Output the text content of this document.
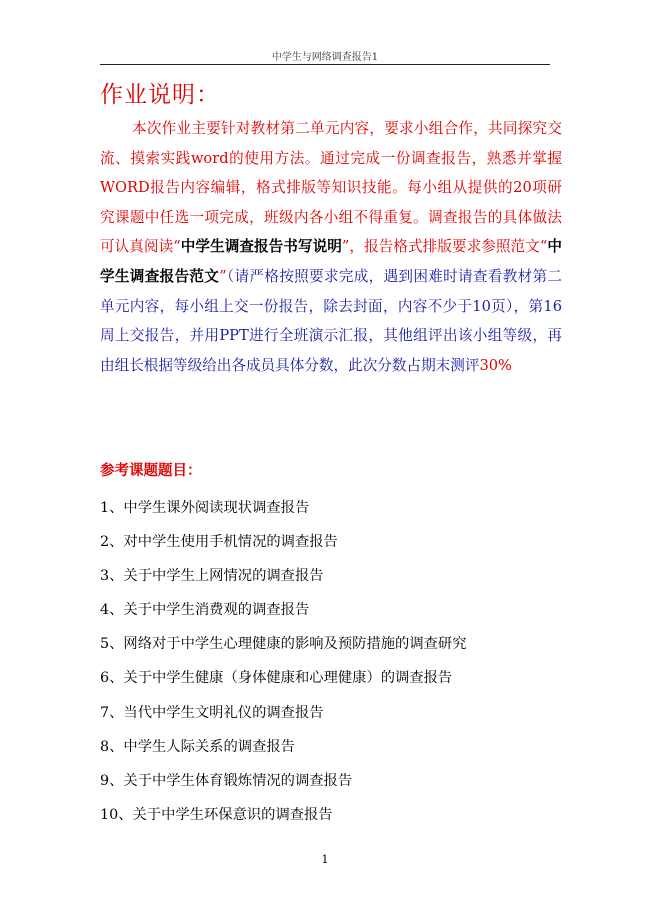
中学生与网络调查报告1
作业说明：

本次作业主要针对教材第二单元内容，要求小组合作，共同探究交流、摸索实践word的使用方法。通过完成一份调查报告，熟悉并掌握WORD报告内容编辑，格式排版等知识技能。每小组从提供的20项研究课题中任选一项完成，班级内各小组不得重复。调查报告的具体做法可认真阅读“中学生调查报告书写说明”，报告格式排版要求参照范文“中学生调查报告范文”（请严格按照要求完成，遇到困难时请查看教材第二单元内容，每小组上交一份报告，除去封面，内容不少于10页），第16周上交报告，并用PPT进行全班演示汇报，其他组评出该小组等级，再由组长根据等级给出各成员具体分数，此次分数占期末测评30%

参考课题题目：
1、中学生课外阅读现状调查报告
2、对中学生使用手机情况的调查报告
3、关于中学生上网情况的调查报告
4、关于中学生消费观的调查报告
5、网络对于中学生心理健康的影响及预防措施的调查研究
6、关于中学生健康（身体健康和心理健康）的调查报告
7、当代中学生文明礼仪的调查报告
8、中学生人际关系的调查报告
9、关于中学生体育锻炼情况的调查报告
10、关于中学生环保意识的调查报告
1
